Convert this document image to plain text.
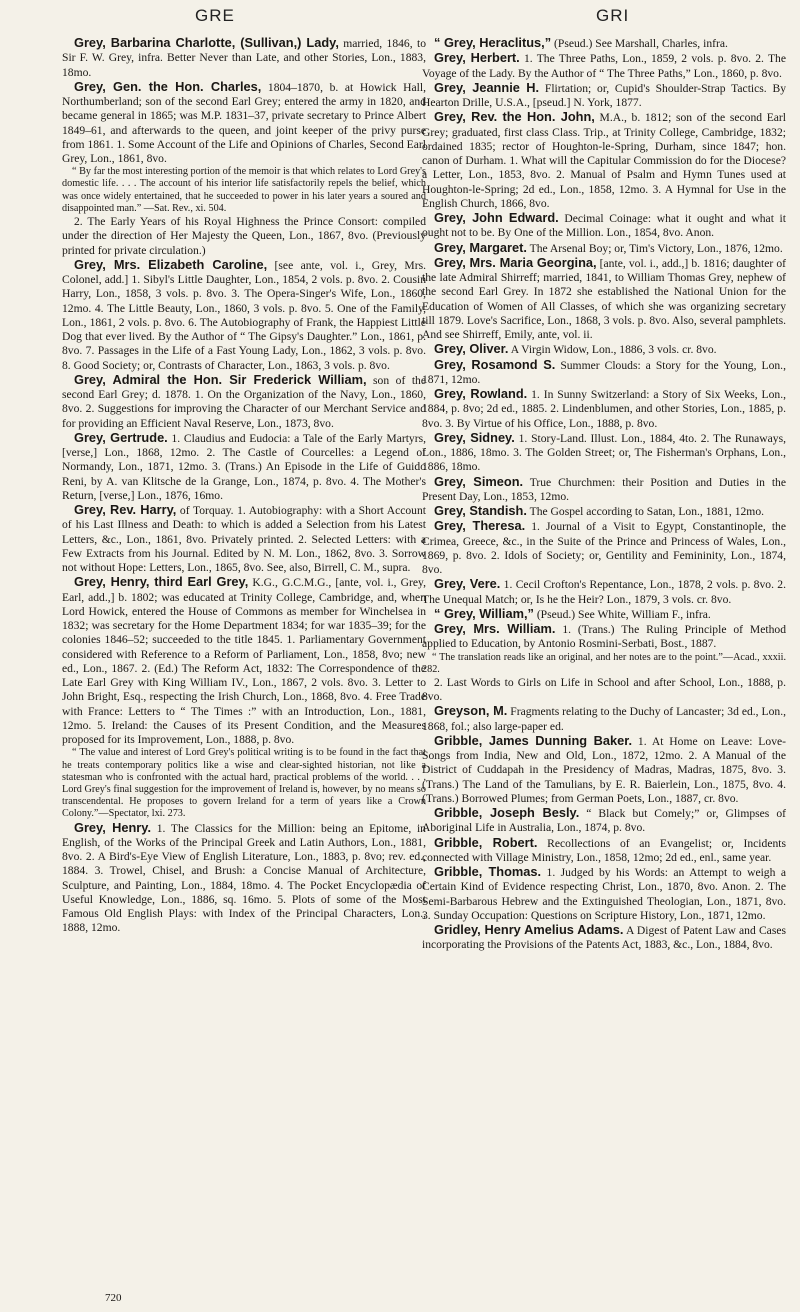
GRE	GRI

Grey, Barbarina Charlotte, (Sullivan,) Lady, married, 1846, to Sir F. W. Grey, infra. Better Never than Late, and other Stories, Lon., 1883, 18mo.

Grey, Gen. the Hon. Charles, 1804–1870, b. at Howick Hall, Northumberland; son of the second Earl Grey; entered the army in 1820, and became general in 1865; was M.P. 1831–37, private secretary to Prince Albert 1849–61, and afterwards to the queen, and joint keeper of the privy purse from 1861. 1. Some Account of the Life and Opinions of Charles, Second Earl Grey, Lon., 1861, 8vo.

“ By far the most interesting portion of the memoir is that which relates to Lord Grey's domestic life. . . . The account of his interior life satisfactorily repels the belief, which was once widely entertained, that he succeeded to power in his later years a soured and disappointed man.” —Sat. Rev., xi. 504.

2. The Early Years of his Royal Highness the Prince Consort: compiled under the direction of Her Majesty the Queen, Lon., 1867, 8vo. (Previously printed for private circulation.)

Grey, Mrs. Elizabeth Caroline, [see ante, vol. i., Grey, Mrs. Colonel, add.] 1. Sibyl's Little Daughter, Lon., 1854, 2 vols. p. 8vo. 2. Cousin Harry, Lon., 1858, 3 vols. p. 8vo. 3. The Opera-Singer's Wife, Lon., 1860, 12mo. 4. The Little Beauty, Lon., 1860, 3 vols. p. 8vo. 5. One of the Family, Lon., 1861, 2 vols. p. 8vo. 6. The Autobiography of Frank, the Happiest Little Dog that ever lived. By the Author of “ The Gipsy's Daughter.” Lon., 1861, p. 8vo. 7. Passages in the Life of a Fast Young Lady, Lon., 1862, 3 vols. p. 8vo. 8. Good Society; or, Contrasts of Character, Lon., 1863, 3 vols. p. 8vo.

Grey, Admiral the Hon. Sir Frederick William, son of the second Earl Grey; d. 1878. 1. On the Organization of the Navy, Lon., 1860, 8vo. 2. Suggestions for improving the Character of our Merchant Service and for providing an Efficient Naval Reserve, Lon., 1873, 8vo.

Grey, Gertrude. 1. Claudius and Eudocia: a Tale of the Early Martyrs, [verse,] Lon., 1868, 12mo. 2. The Castle of Courcelles: a Legend of Normandy, Lon., 1871, 12mo. 3. (Trans.) An Episode in the Life of Guido Reni, by A. van Klitsche de la Grange, Lon., 1874, p. 8vo. 4. The Mother's Return, [verse,] Lon., 1876, 16mo.

Grey, Rev. Harry, of Torquay. 1. Autobiography: with a Short Account of his Last Illness and Death: to which is added a Selection from his Latest Letters, &c., Lon., 1861, 8vo. Privately printed. 2. Selected Letters: with a Few Extracts from his Journal. Edited by N. M. Lon., 1862, 8vo. 3. Sorrow not without Hope: Letters, Lon., 1865, 8vo. See, also, Birrell, C. M., supra.

Grey, Henry, third Earl Grey, K.G., G.C.M.G., [ante, vol. i., Grey, Earl, add.,] b. 1802; was educated at Trinity College, Cambridge, and, when Lord Howick, entered the House of Commons as member for Winchelsea in 1832; was secretary for the Home Department 1834; for war 1835–39; for the colonies 1846–52; succeeded to the title 1845. 1. Parliamentary Government considered with Reference to a Reform of Parliament, Lon., 1858, 8vo; new ed., Lon., 1867. 2. (Ed.) The Reform Act, 1832: The Correspondence of the Late Earl Grey with King William IV., Lon., 1867, 2 vols. 8vo. 3. Letter to John Bright, Esq., respecting the Irish Church, Lon., 1868, 8vo. 4. Free Trade with France: Letters to “ The Times :” with an Introduction, Lon., 1881, 12mo. 5. Ireland: the Causes of its Present Condition, and the Measures proposed for its Improvement, Lon., 1888, p. 8vo.

“ The value and interest of Lord Grey's political writing is to be found in the fact that he treats contemporary politics like a wise and clear-sighted historian, not like a statesman who is confronted with the actual hard, practical problems of the world. . . . Lord Grey's final suggestion for the improvement of Ireland is, however, by no means so transcendental. He proposes to govern Ireland for a term of years like a Crown Colony.”—Spectator, lxi. 273.

Grey, Henry. 1. The Classics for the Million: being an Epitome, in English, of the Works of the Principal Greek and Latin Authors, Lon., 1881, 8vo. 2. A Bird's-Eye View of English Literature, Lon., 1883, p. 8vo; rev. ed., 1884. 3. Trowel, Chisel, and Brush: a Concise Manual of Architecture, Sculpture, and Painting, Lon., 1884, 18mo. 4. The Pocket Encyclopædia of Useful Knowledge, Lon., 1886, sq. 16mo. 5. Plots of some of the Most Famous Old English Plays: with Index of the Principal Characters, Lon., 1888, 12mo.

“ Grey, Heraclitus,” (Pseud.) See Marshall, Charles, infra.

Grey, Herbert. 1. The Three Paths, Lon., 1859, 2 vols. p. 8vo. 2. The Voyage of the Lady. By the Author of “ The Three Paths,” Lon., 1860, p. 8vo.

Grey, Jeannie H. Flirtation; or, Cupid's Shoulder-Strap Tactics. By Hearton Drille, U.S.A., [pseud.] N. York, 1877.

Grey, Rev. the Hon. John, M.A., b. 1812; son of the second Earl Grey; graduated, first class Class. Trip., at Trinity College, Cambridge, 1832; ordained 1835; rector of Houghton-le-Spring, Durham, since 1847; hon. canon of Durham. 1. What will the Capitular Commission do for the Diocese? a Letter, Lon., 1853, 8vo. 2. Manual of Psalm and Hymn Tunes used at Houghton-le-Spring; 2d ed., Lon., 1858, 12mo. 3. A Hymnal for Use in the English Church, 1866, 8vo.

Grey, John Edward. Decimal Coinage: what it ought and what it ought not to be. By One of the Million. Lon., 1854, 8vo. Anon.

Grey, Margaret. The Arsenal Boy; or, Tim's Victory, Lon., 1876, 12mo.

Grey, Mrs. Maria Georgina, [ante, vol. i., add.,] b. 1816; daughter of the late Admiral Shirreff; married, 1841, to William Thomas Grey, nephew of the second Earl Grey. In 1872 she established the National Union for the Education of Women of All Classes, of which she was organizing secretary till 1879. Love's Sacrifice, Lon., 1868, 3 vols. p. 8vo. Also, several pamphlets. And see Shirreff, Emily, ante, vol. ii.

Grey, Oliver. A Virgin Widow, Lon., 1886, 3 vols. cr. 8vo.

Grey, Rosamond S. Summer Clouds: a Story for the Young, Lon., 1871, 12mo.

Grey, Rowland. 1. In Sunny Switzerland: a Story of Six Weeks, Lon., 1884, p. 8vo; 2d ed., 1885. 2. Lindenblumen, and other Stories, Lon., 1885, p. 8vo. 3. By Virtue of his Office, Lon., 1888, p. 8vo.

Grey, Sidney. 1. Story-Land. Illust. Lon., 1884, 4to. 2. The Runaways, Lon., 1886, 18mo. 3. The Golden Street; or, The Fisherman's Orphans, Lon., 1886, 18mo.

Grey, Simeon. True Churchmen: their Position and Duties in the Present Day, Lon., 1853, 12mo.

Grey, Standish. The Gospel according to Satan, Lon., 1881, 12mo.

Grey, Theresa. 1. Journal of a Visit to Egypt, Constantinople, the Crimea, Greece, &c., in the Suite of the Prince and Princess of Wales, Lon., 1869, p. 8vo. 2. Idols of Society; or, Gentility and Femininity, Lon., 1874, 8vo.

Grey, Vere. 1. Cecil Crofton's Repentance, Lon., 1878, 2 vols. p. 8vo. 2. The Unequal Match; or, Is he the Heir? Lon., 1879, 3 vols. cr. 8vo.

“ Grey, William,” (Pseud.) See White, William F., infra.

Grey, Mrs. William. 1. (Trans.) The Ruling Principle of Method applied to Education, by Antonio Rosmini-Serbati, Bost., 1887.

“ The translation reads like an original, and her notes are to the point.”—Acad., xxxii. 282.

2. Last Words to Girls on Life in School and after School, Lon., 1888, p. 8vo.

Greyson, M. Fragments relating to the Duchy of Lancaster; 3d ed., Lon., 1868, fol.; also large-paper ed.

Gribble, James Dunning Baker. 1. At Home on Leave: Love-Songs from India, New and Old, Lon., 1872, 12mo. 2. A Manual of the District of Cuddapah in the Presidency of Madras, Madras, 1875, 8vo. 3. (Trans.) The Land of the Tamulians, by E. R. Baierlein, Lon., 1875, 8vo. 4. (Trans.) Borrowed Plumes; from German Poets, Lon., 1887, cr. 8vo.

Gribble, Joseph Besly. “ Black but Comely;” or, Glimpses of Aboriginal Life in Australia, Lon., 1874, p. 8vo.

Gribble, Robert. Recollections of an Evangelist; or, Incidents connected with Village Ministry, Lon., 1858, 12mo; 2d ed., enl., same year.

Gribble, Thomas. 1. Judged by his Words: an Attempt to weigh a Certain Kind of Evidence respecting Christ, Lon., 1870, 8vo. Anon. 2. The Semi-Barbarous Hebrew and the Extinguished Theologian, Lon., 1871, 8vo. 3. Sunday Occupation: Questions on Scripture History, Lon., 1871, 12mo.

Gridley, Henry Amelius Adams. A Digest of Patent Law and Cases incorporating the Provisions of the Patents Act, 1883, &c., Lon., 1884, 8vo.

720
